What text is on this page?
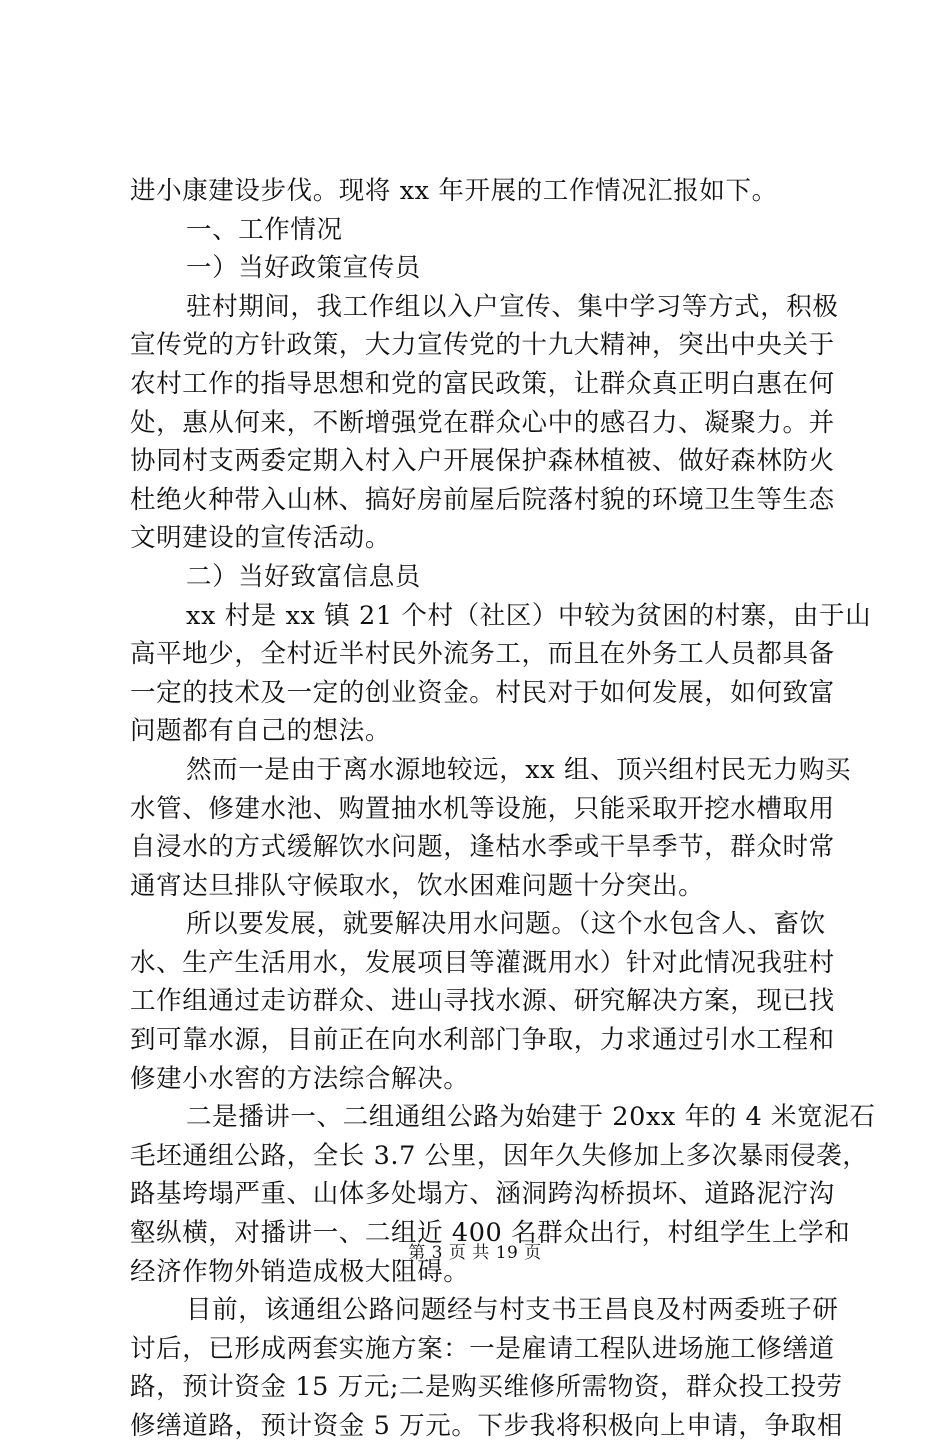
进小康建设步伐。现将 xx 年开展的工作情况汇报如下。
一、工作情况
一）当好政策宣传员
驻村期间，我工作组以入户宣传、集中学习等方式，积极
宣传党的方针政策，大力宣传党的十九大精神，突出中央关于
农村工作的指导思想和党的富民政策，让群众真正明白惠在何
处，惠从何来，不断增强党在群众心中的感召力、凝聚力。并
协同村支两委定期入村入户开展保护森林植被、做好森林防火
杜绝火种带入山林、搞好房前屋后院落村貌的环境卫生等生态
文明建设的宣传活动。
二）当好致富信息员
xx 村是 xx 镇 21 个村（社区）中较为贫困的村寨，由于山
高平地少，全村近半村民外流务工，而且在外务工人员都具备
一定的技术及一定的创业资金。村民对于如何发展，如何致富
问题都有自己的想法。
然而一是由于离水源地较远，xx 组、顶兴组村民无力购买
水管、修建水池、购置抽水机等设施，只能采取开挖水槽取用
自浸水的方式缓解饮水问题，逢枯水季或干旱季节，群众时常
通宵达旦排队守候取水，饮水困难问题十分突出。
所以要发展，就要解决用水问题。（这个水包含人、畜饮
水、生产生活用水，发展项目等灌溉用水）针对此情况我驻村
工作组通过走访群众、进山寻找水源、研究解决方案，现已找
到可靠水源，目前正在向水利部门争取，力求通过引水工程和
修建小水窖的方法综合解决。
二是播讲一、二组通组公路为始建于 20xx 年的 4 米宽泥石
毛坯通组公路，全长 3.7 公里，因年久失修加上多次暴雨侵袭，
路基垮塌严重、山体多处塌方、涵洞跨沟桥损坏、道路泥泞沟
壑纵横，对播讲一、二组近 400 名群众出行，村组学生上学和
经济作物外销造成极大阻碍。
目前，该通组公路问题经与村支书王昌良及村两委班子研
讨后，已形成两套实施方案：一是雇请工程队进场施工修缮道
路，预计资金 15 万元;二是购买维修所需物资，群众投工投劳
修缮道路，预计资金 5 万元。下步我将积极向上申请，争取相
第 3 页 共 19 页
